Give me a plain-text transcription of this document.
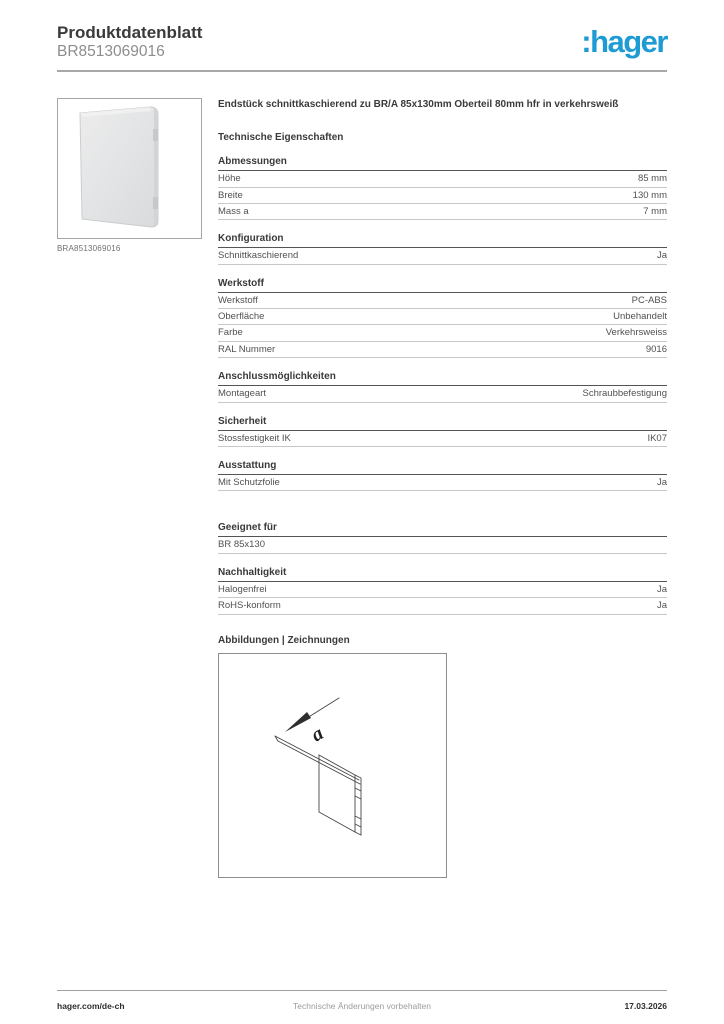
Produktdatenblatt
BR8513069016	:hager
BRA8513069016
Endstück schnittkaschierend zu BR/A 85x130mm Oberteil 80mm hfr in verkehrsweiß
Technische Eigenschaften
Abmessungen
Höhe	85 mm
Breite	130 mm
Mass a	7 mm
Konfiguration
Schnittkaschierend	Ja
Werkstoff
Werkstoff	PC-ABS
Oberfläche	Unbehandelt
Farbe	Verkehrsweiss
RAL Nummer	9016
Anschlussmöglichkeiten
Montageart	Schraubbefestigung
Sicherheit
Stossfestigkeit IK	IK07
Ausstattung
Mit Schutzfolie	Ja
Geeignet für
BR 85x130
Nachhaltigkeit
Halogenfrei	Ja
RoHS-konform	Ja
Abbildungen | Zeichnungen
a
hager.com/de-ch	Technische Änderungen vorbehalten	17.03.2026
